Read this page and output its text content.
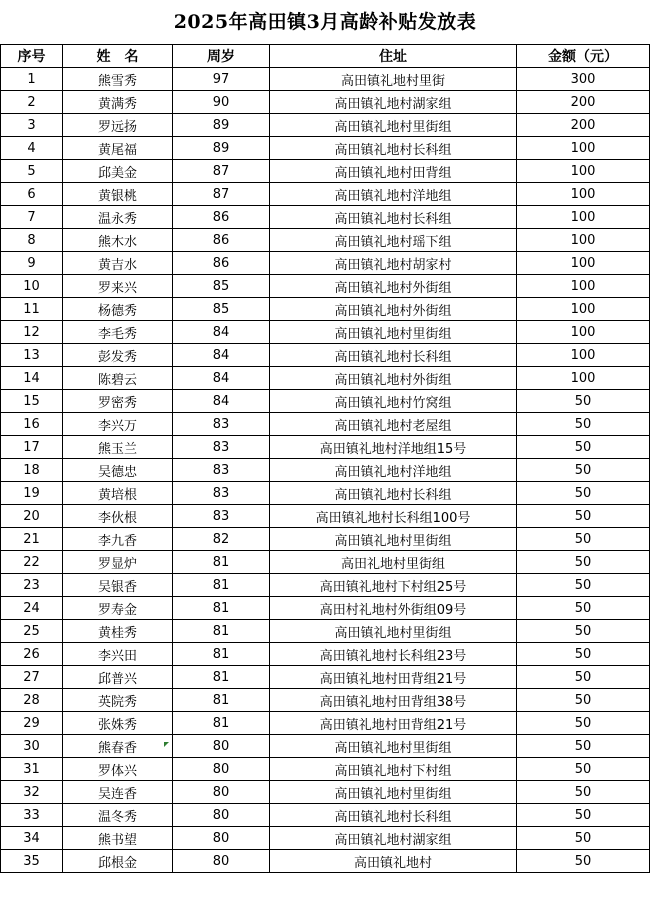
2025年高田镇3月高龄补贴发放表
序号	姓名	周岁	住址	金额（元）
1	熊雪秀	97	高田镇礼地村里街	300
2	黄满秀	90	高田镇礼地村湖家组	200
3	罗远扬	89	高田镇礼地村里街组	200
4	黄尾福	89	高田镇礼地村长科组	100
5	邱美金	87	高田镇礼地村田背组	100
6	黄银桃	87	高田镇礼地村洋地组	100
7	温永秀	86	高田镇礼地村长科组	100
8	熊木水	86	高田镇礼地村瑶下组	100
9	黄吉水	86	高田镇礼地村胡家村	100
10	罗来兴	85	高田镇礼地村外街组	100
11	杨德秀	85	高田镇礼地村外街组	100
12	李毛秀	84	高田镇礼地村里街组	100
13	彭发秀	84	高田镇礼地村长科组	100
14	陈碧云	84	高田镇礼地村外街组	100
15	罗密秀	84	高田镇礼地村竹窝组	50
16	李兴万	83	高田镇礼地村老屋组	50
17	熊玉兰	83	高田镇礼地村洋地组15号	50
18	吴德忠	83	高田镇礼地村洋地组	50
19	黄培根	83	高田镇礼地村长科组	50
20	李伙根	83	高田镇礼地村长科组100号	50
21	李九香	82	高田镇礼地村里街组	50
22	罗显炉	81	高田礼地村里街组	50
23	吴银香	81	高田镇礼地村下村组25号	50
24	罗寿金	81	高田村礼地村外街组09号	50
25	黄桂秀	81	高田镇礼地村里街组	50
26	李兴田	81	高田镇礼地村长科组23号	50
27	邱普兴	81	高田镇礼地村田背组21号	50
28	英院秀	81	高田镇礼地村田背组38号	50
29	张姝秀	81	高田镇礼地村田背组21号	50
30	熊春香	80	高田镇礼地村里街组	50
31	罗体兴	80	高田镇礼地村下村组	50
32	吴连香	80	高田镇礼地村里街组	50
33	温冬秀	80	高田镇礼地村长科组	50
34	熊书望	80	高田镇礼地村湖家组	50
35	邱根金	80	高田镇礼地村	50
